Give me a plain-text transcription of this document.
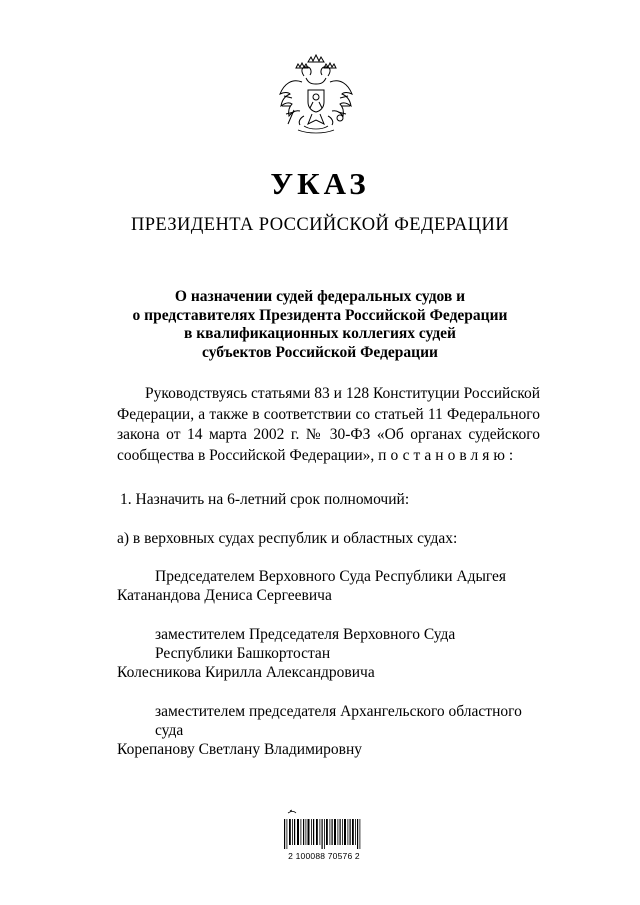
УКАЗ
ПРЕЗИДЕНТА РОССИЙСКОЙ ФЕДЕРАЦИИ
О назначении судей федеральных судов и
о представителях Президента Российской Федерации
в квалификационных коллегиях судей
субъектов Российской Федерации
Руководствуясь статьями 83 и 128 Конституции Российской
Федерации, а также в соответствии со статьей 11 Федерального
закона от 14 марта 2002 г. № 30-ФЗ «Об органах судейского
сообщества в Российской Федерации», постановляю:
1. Назначить на 6-летний срок полномочий:
а) в верховных судах республик и областных судах:
Председателем Верховного Суда Республики Адыгея
Катанандова Дениса Сергеевича
заместителем Председателя Верховного Суда
Республики Башкортостан
Колесникова Кирилла Александровича
заместителем председателя Архангельского областного
суда
Корепанову Светлану Владимировну
2 100088 70576 2
